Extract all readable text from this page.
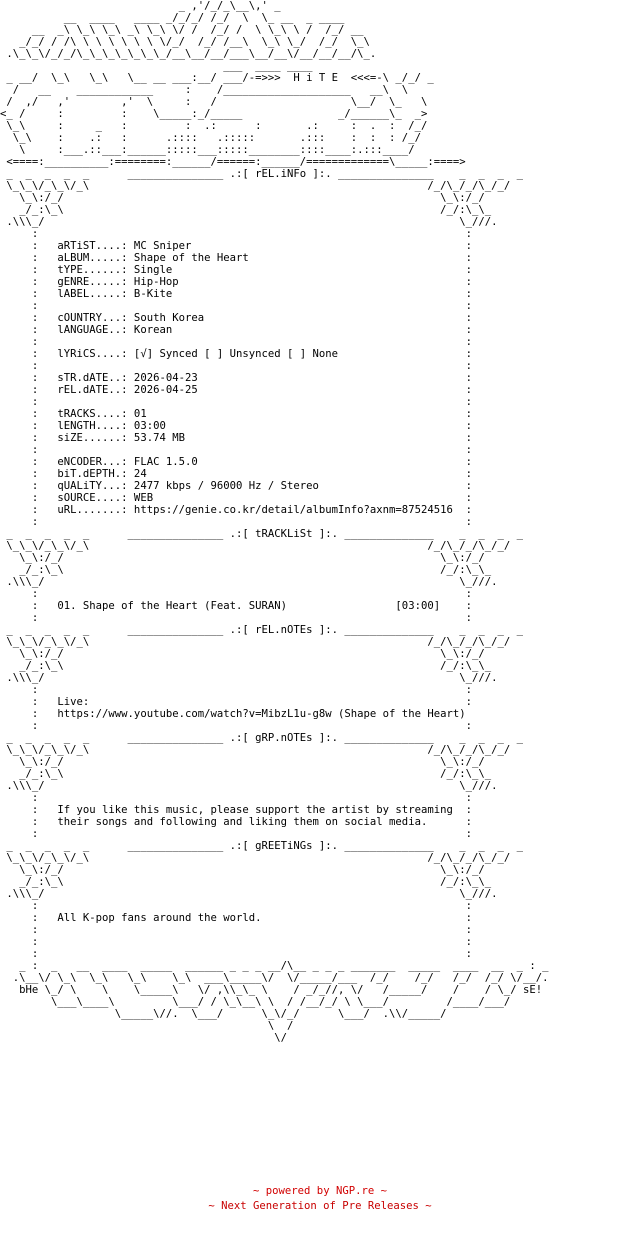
_ ,'/_/_\__\,' _
__  ____   ____ _/_/_/ /_/  \  \_ __  _ ____
__  _\ \_\ \_\ _\ \_\ \/ /  /_/ /  \ \_\ \ /  /_/ __
_/_/ / /\ \ \ \ \ \ \ \/_/  /_/ /__\  \_\ \_/  /_/  \_\
.\_\_\/_/_/\_\_\_\_\_\_\_/__\__/__/___\__/__\/__/__/__/\_.
___  ____ ____
_ __/  \_\   \_\   \__ __ ___:__/ ___/-=>>>  H i T E  <<<=-\ _/_/ _
/   __    ____________     :    /____________________   __\  \
/  ,/   ,'        ,'  \     :   /                     \__/  \_   \
<_ /     :         :    \_____:_/_____               _/______\_  _>
\_\     :     _   :         :  .:      :       .:     :  .  :  /_/
\_\    :    .:   :      .::::   .:::::       .:::    :  :  : /_/
\     :___.::___:______:::::___:::::________::::____:.:::____/
<====:__________:========:______/======:______/=============\_____:====>
_  _  _  _  _      _______________ .:[ rEL.iNFo ]:. _______________    _  _  _  _
\_\_\/_\_\/_\                                                     /_/\_/_/\_/_/
\_\:/_/                                                           \_\:/_/
_/_:\_\                                                           /_/:\_\_
.\\\_/                                                                 \_///.
:                                                                   :
:   aRTiST....: MC Sniper                                           :
:   aLBUM.....: Shape of the Heart                                  :
:   tYPE......: Single                                              :
:   gENRE.....: Hip-Hop                                             :
:   lABEL.....: B-Kite                                              :
:                                                                   :
:   cOUNTRY...: South Korea                                         :
:   lANGUAGE..: Korean                                              :
:                                                                   :
:   lYRiCS....: [√] Synced [ ] Unsynced [ ] None                    :
:                                                                   :
:   sTR.dATE..: 2026-04-23                                          :
:   rEL.dATE..: 2026-04-25                                          :
:                                                                   :
:   tRACKS....: 01                                                  :
:   lENGTH....: 03:00                                               :
:   siZE......: 53.74 MB                                            :
:                                                                   :
:   eNCODER...: FLAC 1.5.0                                          :
:   biT.dEPTH.: 24                                                  :
:   qUALiTY...: 2477 kbps / 96000 Hz / Stereo                       :
:   sOURCE....: WEB                                                 :
:   uRL.......: https://genie.co.kr/detail/albumInfo?axnm=87524516  :
:                                                                   :
_  _  _  _  _      _______________ .:[ tRACKLiSt ]:. ______________    _  _  _  _
\_\_\/_\_\/_\                                                     /_/\_/_/\_/_/
\_\:/_/                                                           \_\:/_/
_/_:\_\                                                           /_/:\_\_
.\\\_/                                                                 \_///.
:                                                                   :
:   01. Shape of the Heart (Feat. SURAN)                 [03:00]    :
:                                                                   :
_  _  _  _  _      _______________ .:[ rEL.nOTEs ]:. ______________    _  _  _  _
\_\_\/_\_\/_\                                                     /_/\_/_/\_/_/
\_\:/_/                                                           \_\:/_/
_/_:\_\                                                           /_/:\_\_
.\\\_/                                                                 \_///.
:                                                                   :
:   Live:                                                           :
:   https://www.youtube.com/watch?v=MibzL1u-g8w (Shape of the Heart)
:                                                                   :
_  _  _  _  _      _______________ .:[ gRP.nOTEs ]:. ______________    _  _  _  _
\_\_\/_\_\/_\                                                     /_/\_/_/\_/_/
\_\:/_/                                                           \_\:/_/
_/_:\_\                                                           /_/:\_\_
.\\\_/                                                                 \_///.
:                                                                   :
:   If you like this music, please support the artist by streaming  :
:   their songs and following and liking them on social media.      :
:                                                                   :
_  _  _  _  _      _______________ .:[ gREETiNGs ]:. ______________    _  _  _  _
\_\_\/_\_\/_\                                                     /_/\_/_/\_/_/
\_\:/_/                                                           \_\:/_/
_/_:\_\                                                           /_/:\_\_
.\\\_/                                                                 \_///.
:                                                                   :
:   All K-pop fans around the world.                                :
:                                                                   :
:                                                                   :
:                                                                   :
_ :  _   __  ____  _____  ______ _ _ _ __/\__ _ _ _ _______  _____  ____  __  _ : _
.\__\/ \_\  \_\   \_\    \_\  ___\_____\/  \/_____/___  /_/    /_/   /_/  /_/ \/__/.
bHe \_/ \    \    \_____\   \/ ,\\_\_ \    / _/_//, \/   /_____/    /    / \_/ sE!
\___\____\         \___/ / \_\__\ \  / /__/_/ \ \___/         /____/___/
\_____\//.  \___/      \_\/_/      \___/  .\\/_____/
\  /
\/
~ powered by NGP.re ~
~ Next Generation of Pre Releases ~
